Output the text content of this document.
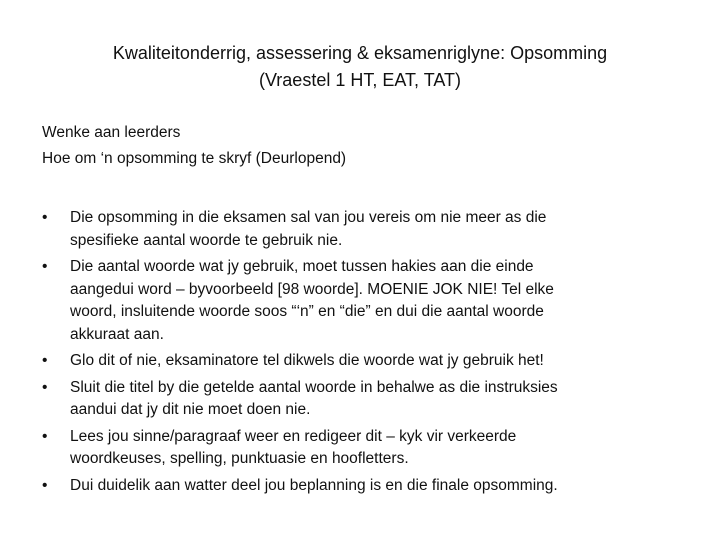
Kwaliteitonderrig, assessering & eksamenriglyne: Opsomming
(Vraestel 1 HT, EAT, TAT)
Wenke aan leerders
Hoe om ‘n opsomming te skryf (Deurlopend)
•	Die opsomming in die eksamen sal van jou vereis om nie meer as die
spesifieke aantal woorde te gebruik nie.
•	Die aantal woorde wat jy gebruik, moet tussen hakies aan die einde
aangedui word – byvoorbeeld [98 woorde]. MOENIE JOK NIE! Tel elke
woord, insluitende woorde soos “‘n” en “die” en dui die aantal woorde
akkuraat aan.
•	Glo dit of nie, eksaminatore tel dikwels die woorde wat jy gebruik het!
•	Sluit die titel by die getelde aantal woorde in behalwe as die instruksies
aandui dat jy dit nie moet doen nie.
•	Lees jou sinne/paragraaf weer en redigeer dit – kyk vir verkeerde
woordkeuses, spelling, punktuasie en hoofletters.
•	Dui duidelik aan watter deel jou beplanning is en die finale opsomming.
